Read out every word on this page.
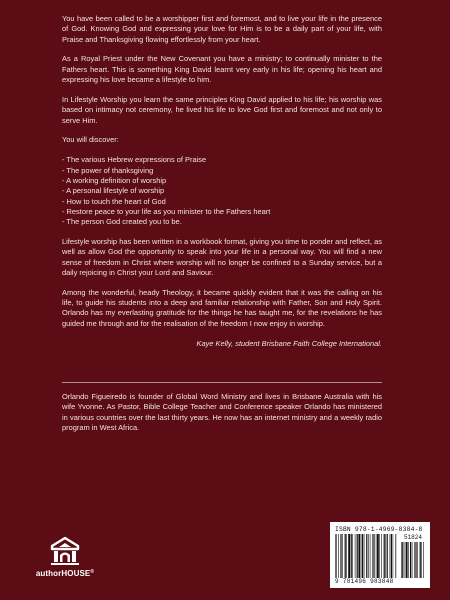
You have been called to be a worshipper first and foremost, and to live your life in the presence of God. Knowing God and expressing your love for Him is to be a daily part of your life, with Praise and Thanksgiving flowing effortlessly from your heart.

As a Royal Priest under the New Covenant you have a ministry; to continually minister to the Fathers heart. This is something King David learnt very early in his life; opening his heart and expressing his love became a lifestyle to him.

In Lifestyle Worship you learn the same principles King David applied to his life; his worship was based on intimacy not ceremony, he lived his life to love God first and foremost and not only to serve Him.

You will discover:

- The various Hebrew expressions of Praise
- The power of thanksgiving
- A working definition of worship
- A personal lifestyle of worship
- How to touch the heart of God
- Restore peace to your life as you minister to the Fathers heart
- The person God created you to be.

Lifestyle worship has been written in a workbook format, giving you time to ponder and reflect, as well as allow God the opportunity to speak into your life in a personal way. You will find a new sense of freedom in Christ where worship will no longer be confined to a Sunday service, but a daily rejoicing in Christ your Lord and Saviour.

Among the wonderful, heady Theology, it became quickly evident that it was the calling on his life, to guide his students into a deep and familiar relationship with Father, Son and Holy Spirit. Orlando has my everlasting gratitude for the things he has taught me, for the revelations he has guided me through and for the realisation of the freedom I now enjoy in worship.

Kaye Kelly, student Brisbane Faith College International.

Orlando Figueiredo is founder of Global Word Ministry and lives in Brisbane Australia with his wife Yvonne. As Pastor, Bible College Teacher and Conference speaker Orlando has ministered in various countries over the last thirty years. He now has an internet ministry and a weekly radio program in West Africa.

authorHOUSE®
ISBN 978-1-4969-8384-8
51824
9 781496 983848
